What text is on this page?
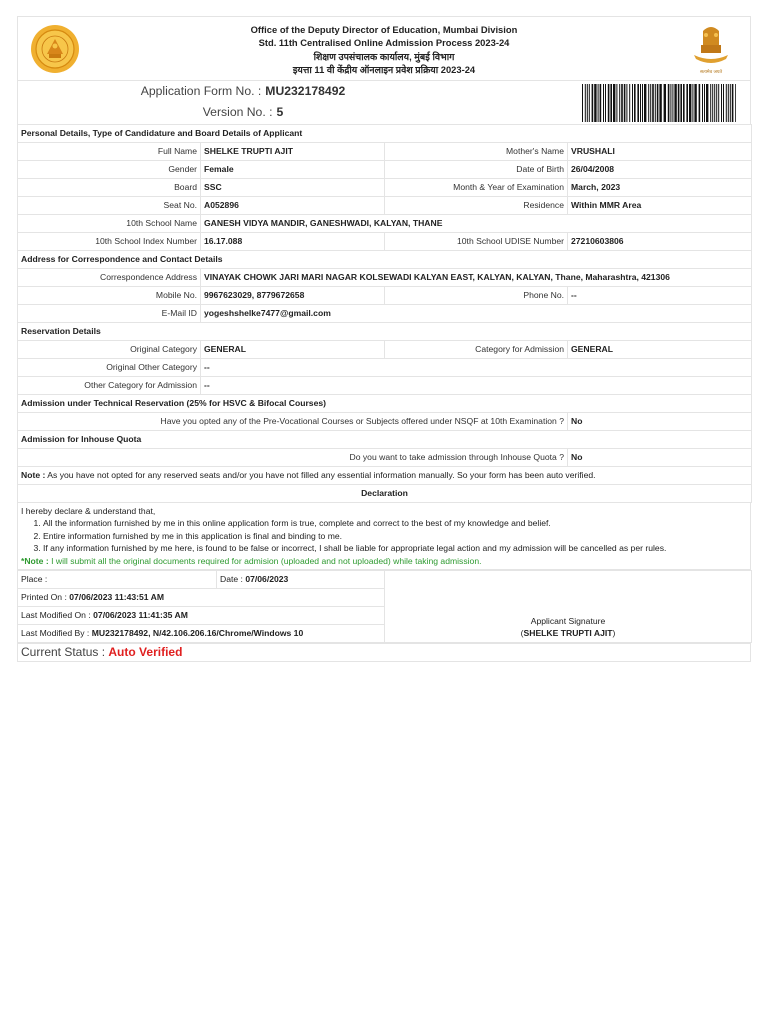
Office of the Deputy Director of Education, Mumbai Division
Std. 11th Centralised Online Admission Process 2023-24
शिक्षण उपसंचालक कार्यालय, मुंबई विभाग
इयत्ता 11 वी केंद्रीय ऑनलाइन प्रवेश प्रक्रिया 2023-24	सत्यमेव जयते
Application Form No. : MU232178492
Version No. : 5
Personal Details, Type of Candidature and Board Details of Applicant			
Full Name	SHELKE TRUPTI AJIT	Mother's Name	VRUSHALI
Gender	Female	Date of Birth	26/04/2008
Board	SSC	Month & Year of Examination	March, 2023
Seat No.	A052896	Residence	Within MMR Area
10th School Name	GANESH VIDYA MANDIR, GANESHWADI, KALYAN, THANE		
10th School Index Number	16.17.088	10th School UDISE Number	27210603806
Address for Correspondence and Contact Details			
Correspondence Address	VINAYAK CHOWK JARI MARI NAGAR KOLSEWADI KALYAN EAST, KALYAN, KALYAN, Thane, Maharashtra, 421306		
Mobile No.	9967623029, 8779672658	Phone No.	--
E-Mail ID	yogeshshelke7477@gmail.com		
Reservation Details			
Original Category	GENERAL	Category for Admission	GENERAL
Original Other Category	--		
Other Category for Admission	--		
Admission under Technical Reservation (25% for HSVC & Bifocal Courses)			
Have you opted any of the Pre-Vocational Courses or Subjects offered under NSQF at 10th Examination ?			No
Admission for Inhouse Quota			
Do you want to take admission through Inhouse Quota ?			No
Note : As you have not opted for any reserved seats and/or you have not filled any essential information manually. So your form has been auto verified.			
Declaration			
I hereby declare & understand that,
1. All the information furnished by me in this online application form is true, complete and correct to the best of my knowledge and belief.
2. Entire information furnished by me in this application is final and binding to me.
3. If any information furnished by me here, is found to be false or incorrect, I shall be liable for appropriate legal action and my admission will be cancelled as per rules.
*Note : I will submit all the original documents required for admision (uploaded and not uploaded) while taking admission.
Place :	Date : 07/06/2023	
Applicant Signature
(SHELKE TRUPTI AJIT)

Printed On : 07/06/2023 11:43:51 AM
Last Modified On : 07/06/2023 11:41:35 AM
Last Modified By : MU232178492, N/42.106.206.16/Chrome/Windows 10
Current Status : Auto Verified
